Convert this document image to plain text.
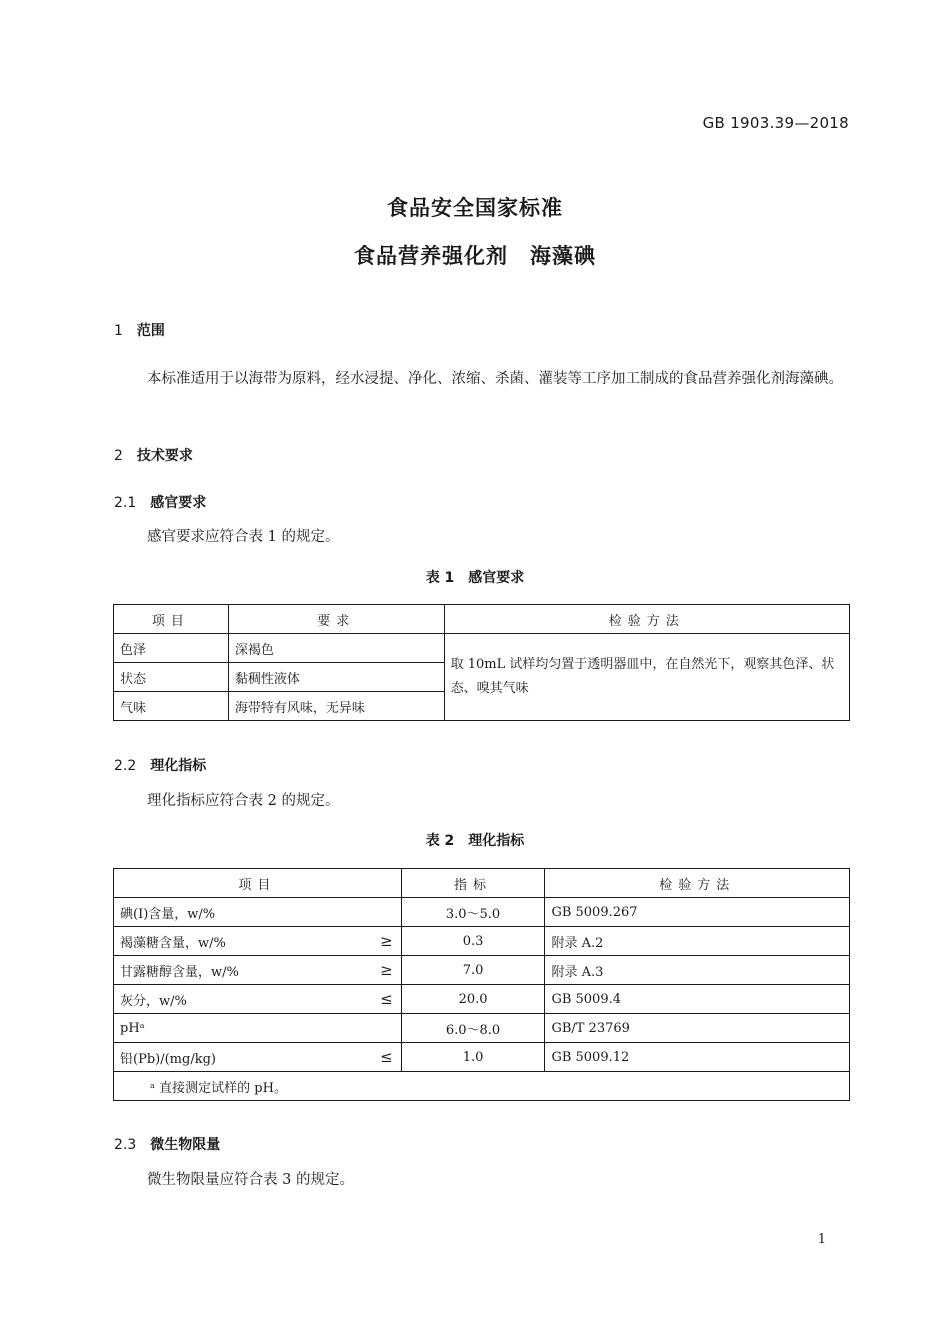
GB 1903.39—2018
食品安全国家标准
食品营养强化剂　海藻碘
1 范围
本标准适用于以海带为原料，经水浸提、净化、浓缩、杀菌、灌装等工序加工制成的食品营养强化剂海藻碘。
2 技术要求
2.1 感官要求
感官要求应符合表 1 的规定。
表 1　感官要求
项目	要求	检验方法
色泽	深褐色	取 10mL 试样均匀置于透明器皿中，在自然光下，观察其色泽、状态、嗅其气味
状态	黏稠性液体	
气味	海带特有风味，无异味	
2.2 理化指标
理化指标应符合表 2 的规定。
表 2　理化指标
项目	指标	检验方法

碘(I)含量，w/%	3.0～5.0	GB 5009.267

褐藻糖含量，w/% ≥	0.3	附录 A.2

甘露糖醇含量，w/% ≥	7.0	附录 A.3

灰分，w/% ≤	20.0	GB 5009.4

pHᵃ	6.0～8.0	GB/T 23769

铅(Pb)/(mg/kg) ≤	1.0	GB 5009.12
ᵃ 直接测定试样的 pH。		
2.3 微生物限量
微生物限量应符合表 3 的规定。
1
